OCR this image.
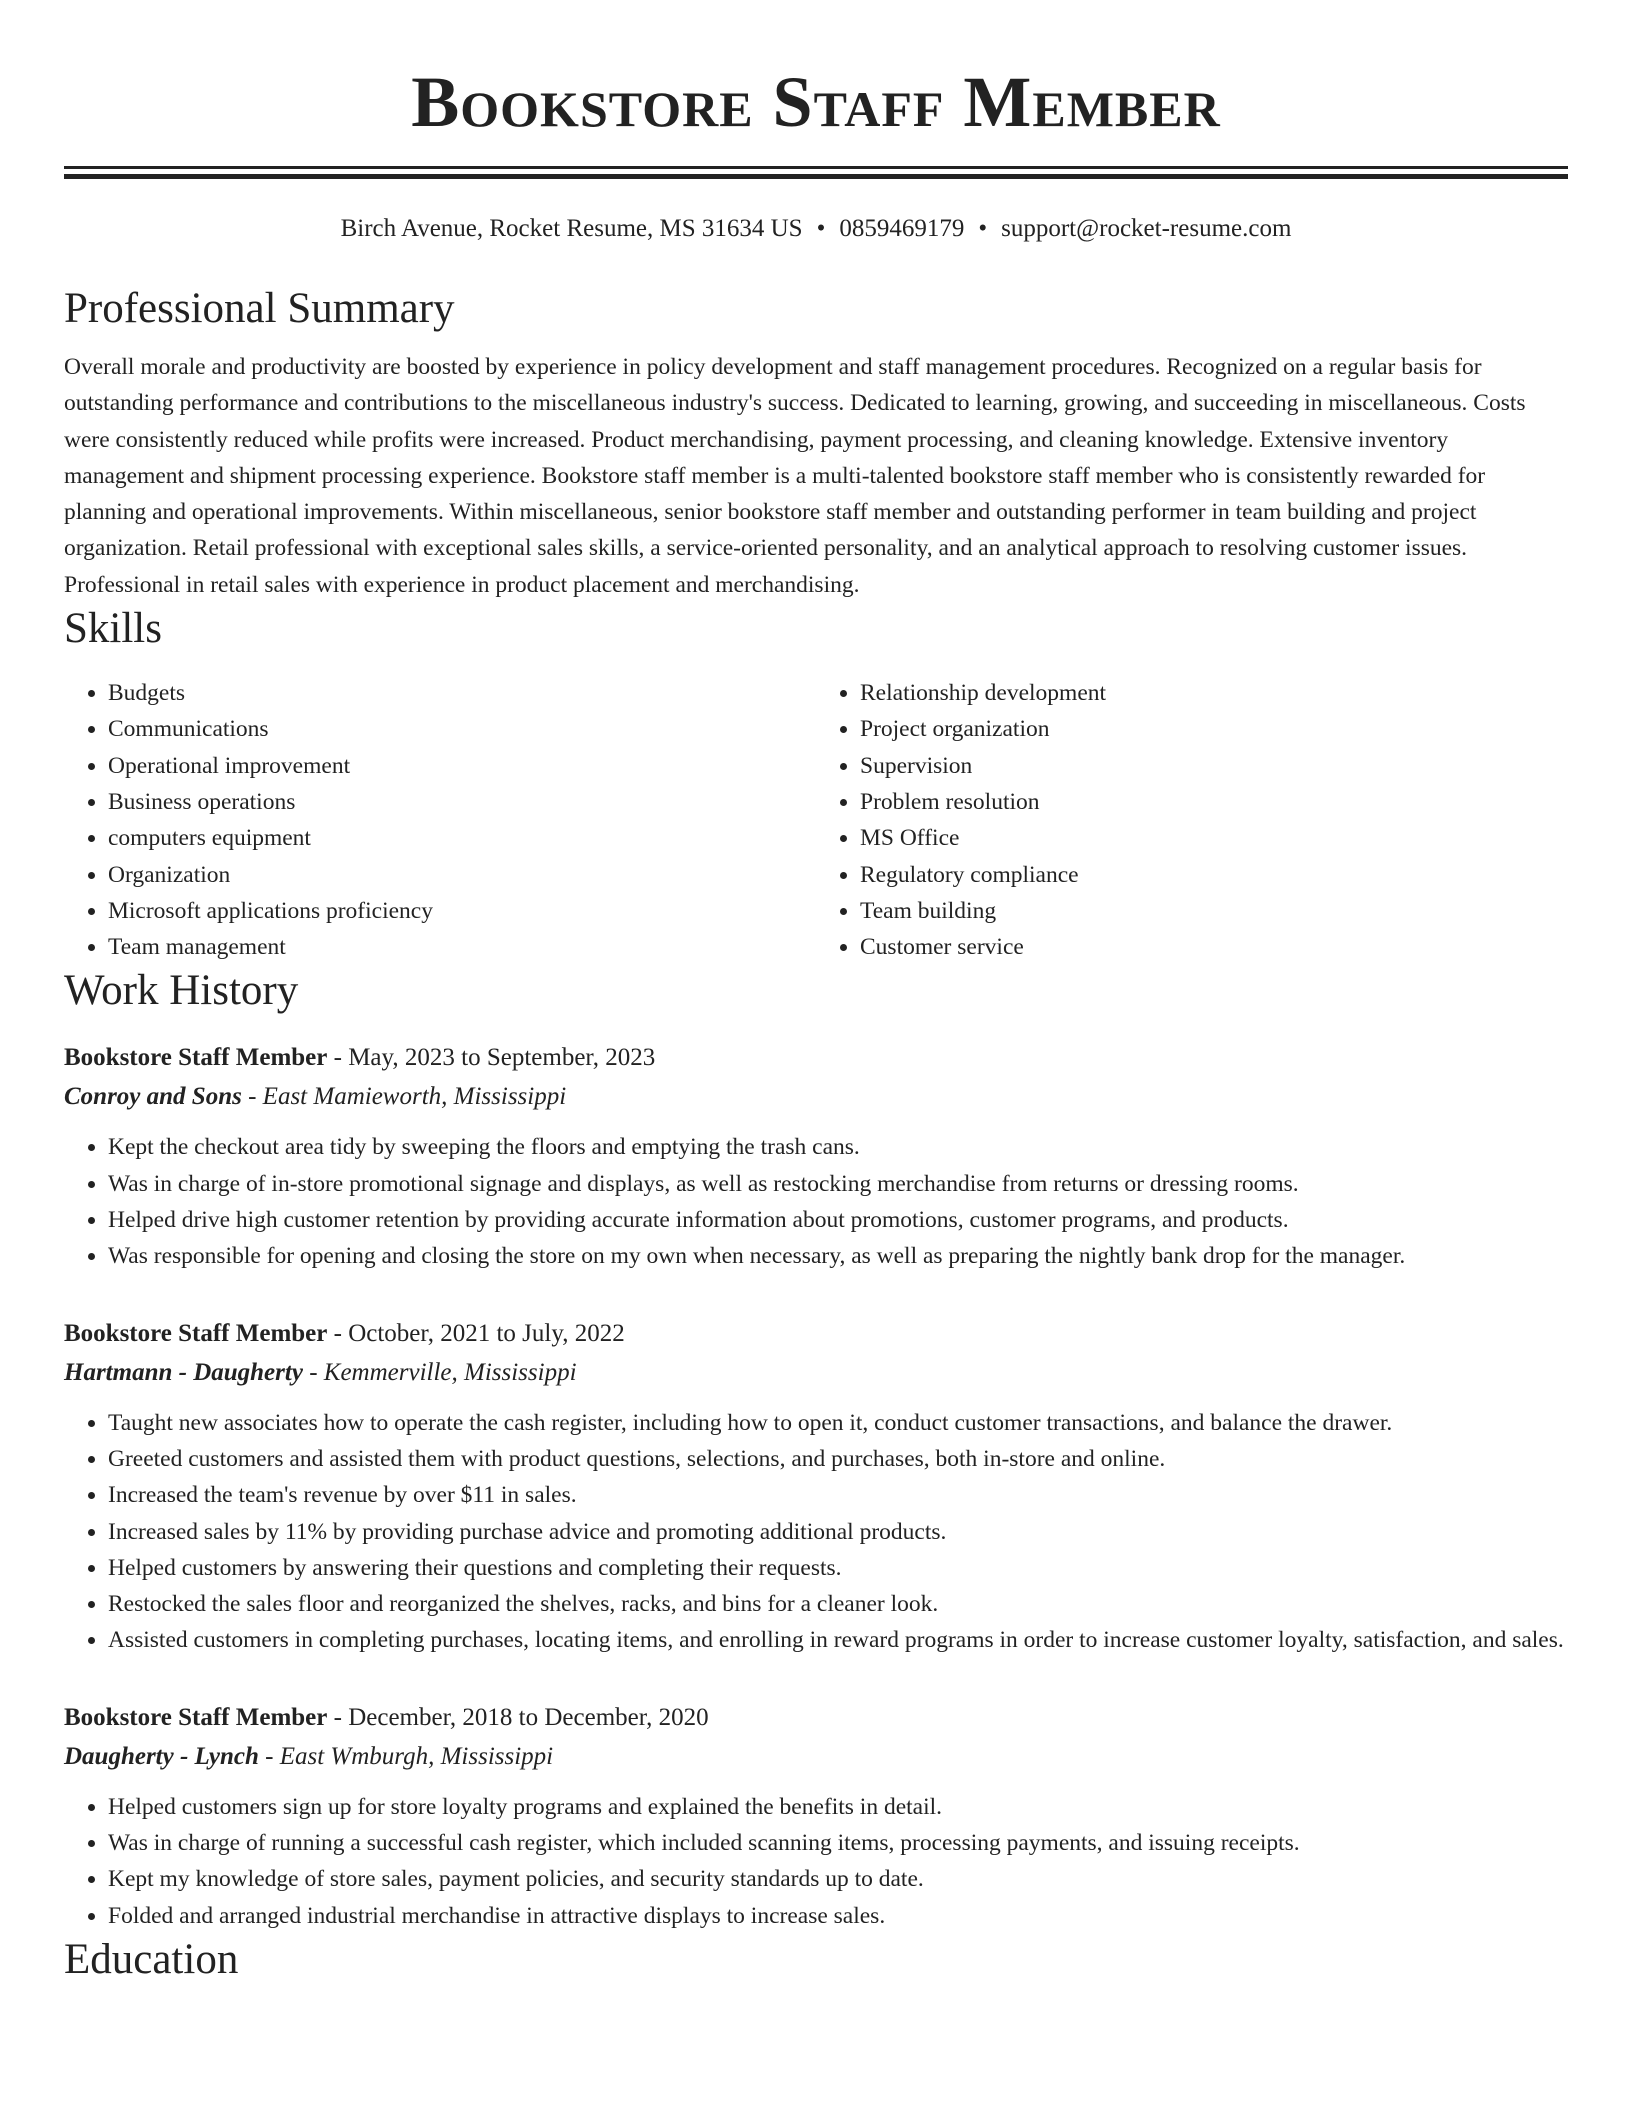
Bookstore Staff Member
Birch Avenue, Rocket Resume, MS 31634 US • 0859469179 • support@rocket-resume.com
Professional Summary

Overall morale and productivity are boosted by experience in policy development and staff management procedures. Recognized on a regular basis for outstanding performance and contributions to the miscellaneous industry's success. Dedicated to learning, growing, and succeeding in miscellaneous. Costs were consistently reduced while profits were increased. Product merchandising, payment processing, and cleaning knowledge. Extensive inventory management and shipment processing experience. Bookstore staff member is a multi-talented bookstore staff member who is consistently rewarded for planning and operational improvements. Within miscellaneous, senior bookstore staff member and outstanding performer in team building and project organization. Retail professional with exceptional sales skills, a service-oriented personality, and an analytical approach to resolving customer issues. Professional in retail sales with experience in product placement and merchandising.

Skills
• Budgets
• Communications
• Operational improvement
• Business operations
• computers equipment
• Organization
• Microsoft applications proficiency
• Team management
• Relationship development
• Project organization
• Supervision
• Problem resolution
• MS Office
• Regulatory compliance
• Team building
• Customer service
Work History
Bookstore Staff Member - May, 2023 to September, 2023
Conroy and Sons - East Mamieworth, Mississippi
• Kept the checkout area tidy by sweeping the floors and emptying the trash cans.
• Was in charge of in-store promotional signage and displays, as well as restocking merchandise from returns or dressing rooms.
• Helped drive high customer retention by providing accurate information about promotions, customer programs, and products.
• Was responsible for opening and closing the store on my own when necessary, as well as preparing the nightly bank drop for the manager.
Bookstore Staff Member - October, 2021 to July, 2022
Hartmann - Daugherty - Kemmerville, Mississippi
• Taught new associates how to operate the cash register, including how to open it, conduct customer transactions, and balance the drawer.
• Greeted customers and assisted them with product questions, selections, and purchases, both in-store and online.
• Increased the team's revenue by over $11 in sales.
• Increased sales by 11% by providing purchase advice and promoting additional products.
• Helped customers by answering their questions and completing their requests.
• Restocked the sales floor and reorganized the shelves, racks, and bins for a cleaner look.
• Assisted customers in completing purchases, locating items, and enrolling in reward programs in order to increase customer loyalty, satisfaction, and sales.
Bookstore Staff Member - December, 2018 to December, 2020
Daugherty - Lynch - East Wmburgh, Mississippi
• Helped customers sign up for store loyalty programs and explained the benefits in detail.
• Was in charge of running a successful cash register, which included scanning items, processing payments, and issuing receipts.
• Kept my knowledge of store sales, payment policies, and security standards up to date.
• Folded and arranged industrial merchandise in attractive displays to increase sales.
Education
